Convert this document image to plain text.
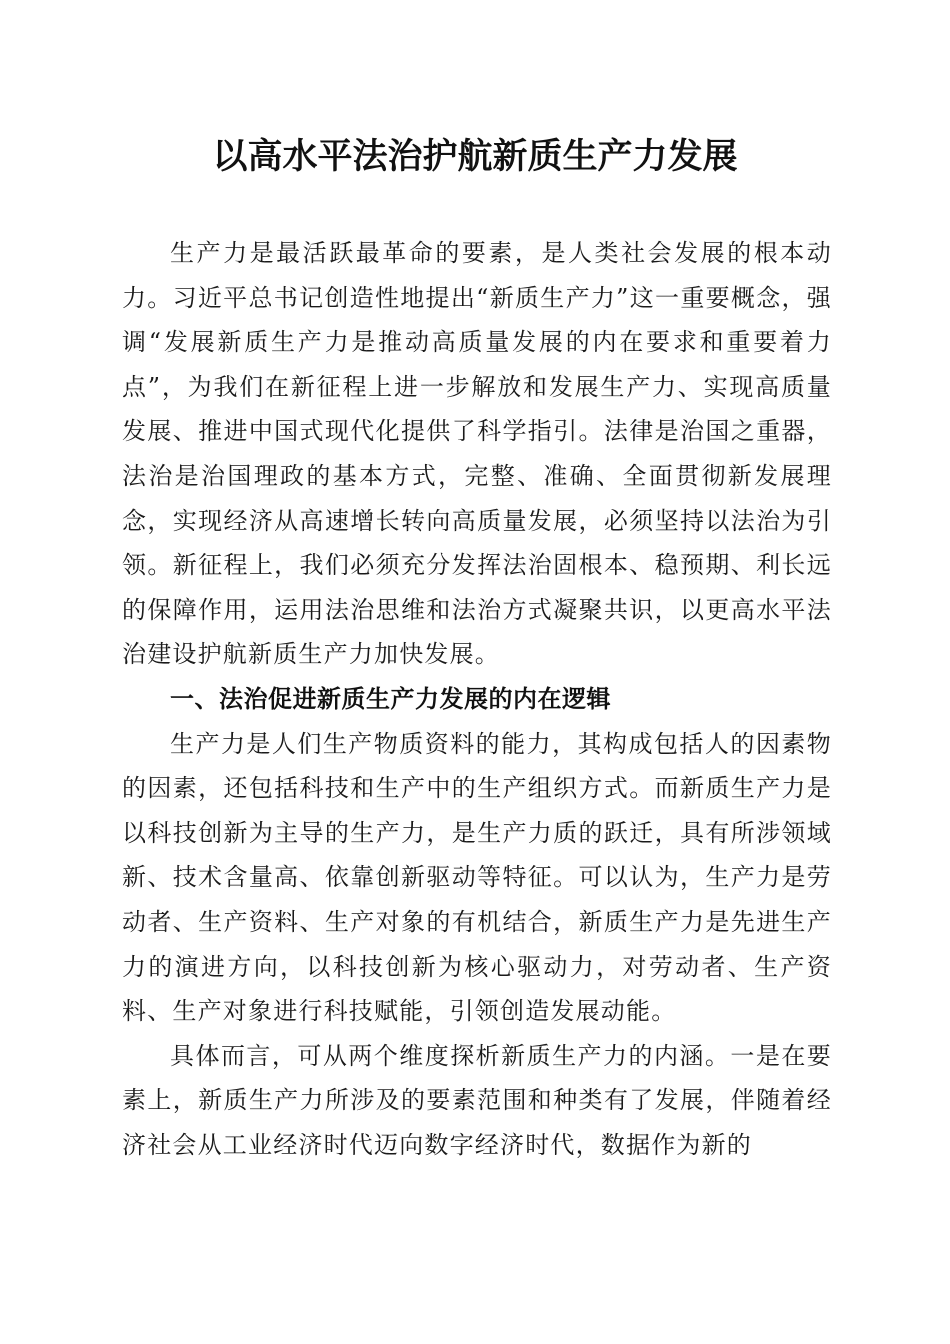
以高水平法治护航新质生产力发展

生产力是最活跃最革命的要素，是人类社会发展的根本动力。习近平总书记创造性地提出“新质生产力”这一重要概念，强调“发展新质生产力是推动高质量发展的内在要求和重要着力点”，为我们在新征程上进一步解放和发展生产力、实现高质量发展、推进中国式现代化提供了科学指引。法律是治国之重器，法治是治国理政的基本方式，完整、准确、全面贯彻新发展理念，实现经济从高速增长转向高质量发展，必须坚持以法治为引领。新征程上，我们必须充分发挥法治固根本、稳预期、利长远的保障作用，运用法治思维和法治方式凝聚共识，以更高水平法治建设护航新质生产力加快发展。

一、法治促进新质生产力发展的内在逻辑

生产力是人们生产物质资料的能力，其构成包括人的因素物的因素，还包括科技和生产中的生产组织方式。而新质生产力是以科技创新为主导的生产力，是生产力质的跃迁，具有所涉领域新、技术含量高、依靠创新驱动等特征。可以认为，生产力是劳动者、生产资料、生产对象的有机结合，新质生产力是先进生产力的演进方向，以科技创新为核心驱动力，对劳动者、生产资料、生产对象进行科技赋能，引领创造发展动能。

具体而言，可从两个维度探析新质生产力的内涵。一是在要素上，新质生产力所涉及的要素范围和种类有了发展，伴随着经济社会从工业经济时代迈向数字经济时代，数据作为新的
